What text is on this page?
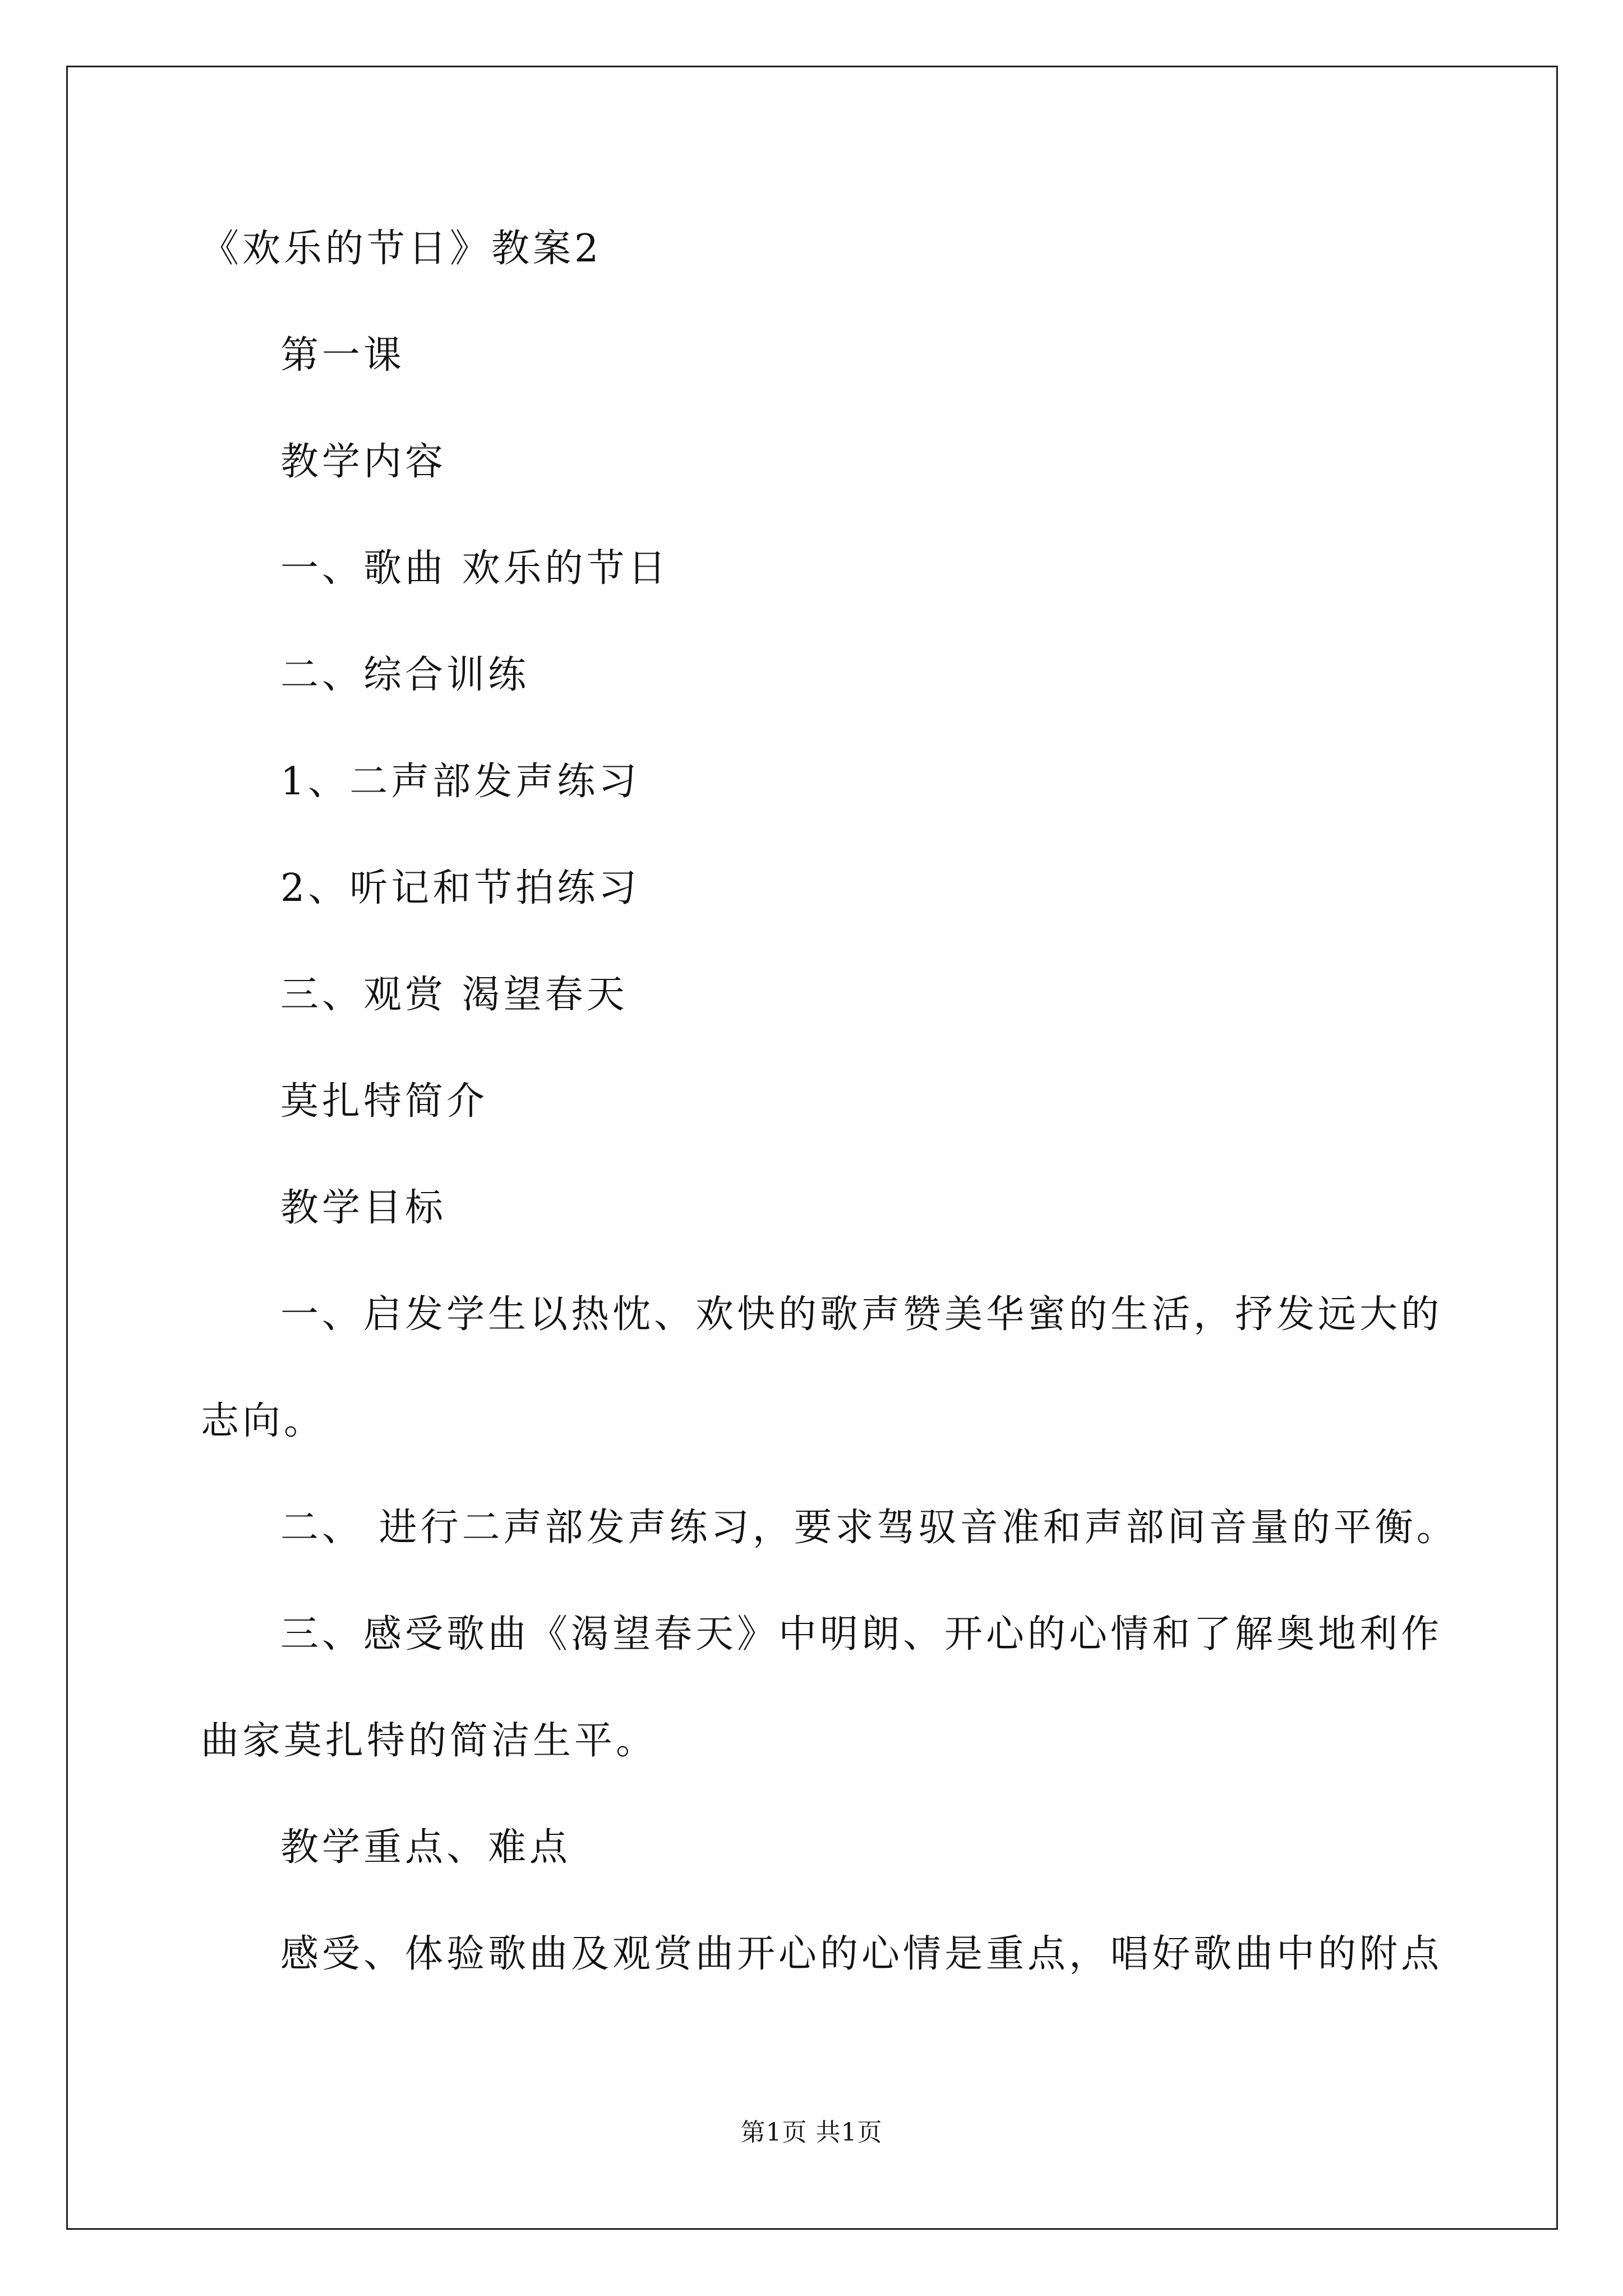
《欢乐的节日》教案2
第一课
教学内容
一、歌曲 欢乐的节日
二、综合训练
1、二声部发声练习
2、听记和节拍练习
三、观赏 渴望春天
莫扎特简介
教学目标
一、启发学生以热忱、欢快的歌声赞美华蜜的生活，抒发远大的
志向。
二、 进行二声部发声练习，要求驾驭音准和声部间音量的平衡。
三、感受歌曲《渴望春天》中明朗、开心的心情和了解奥地利作
曲家莫扎特的简洁生平。
教学重点、难点
感受、体验歌曲及观赏曲开心的心情是重点，唱好歌曲中的附点
第1页 共1页
